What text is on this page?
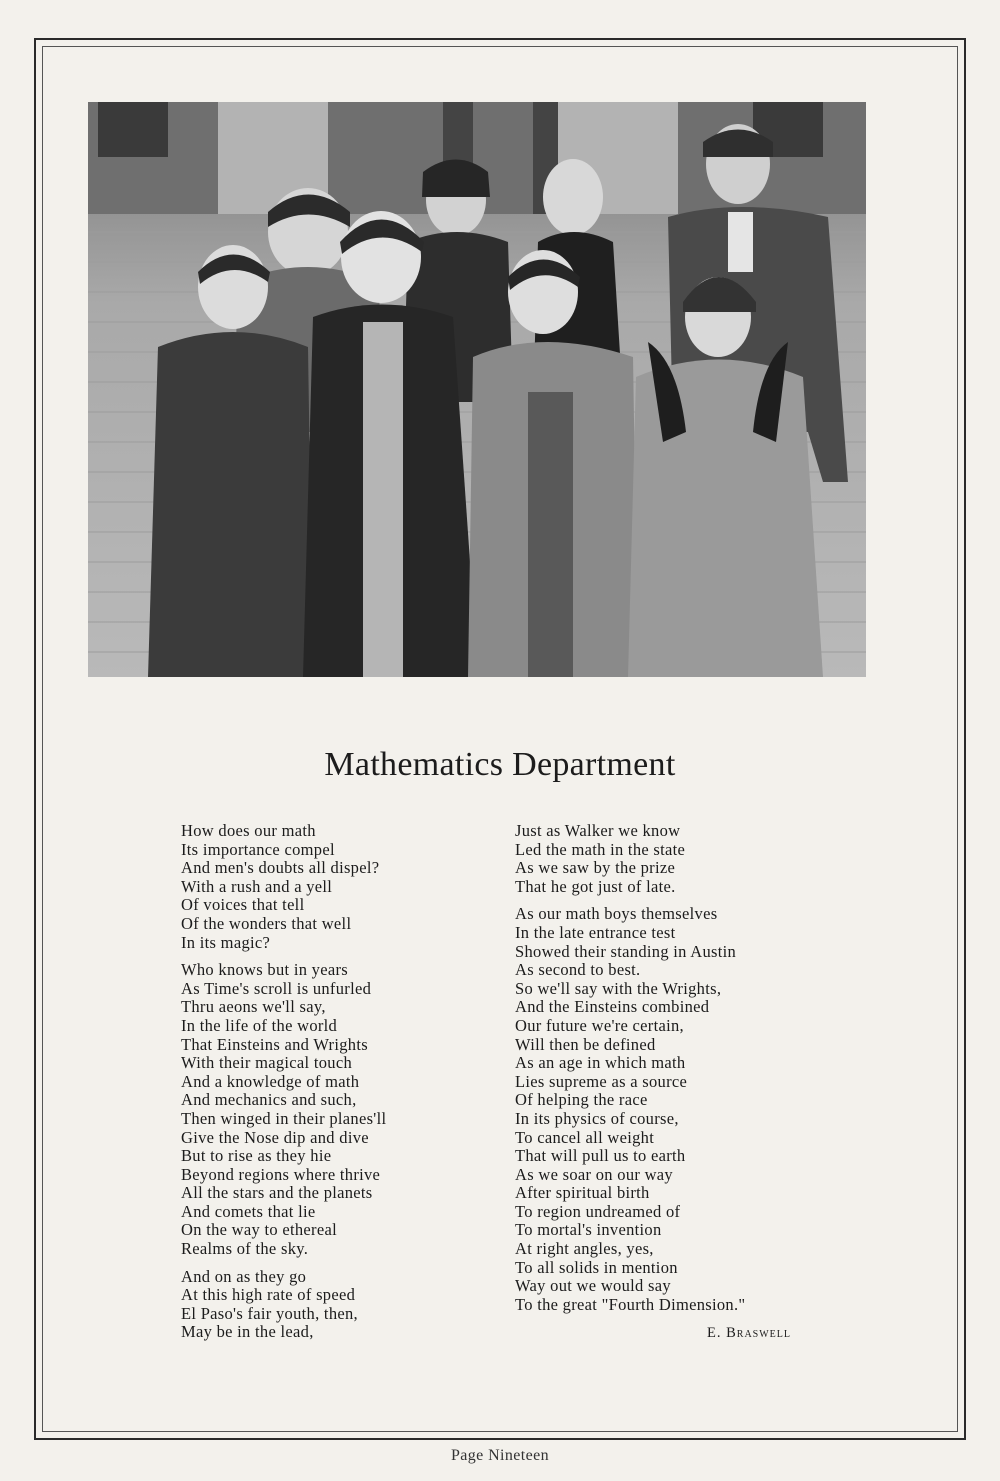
Mathematics Department
How does our math
Its importance compel
And men's doubts all dispel?
With a rush and a yell
Of voices that tell
Of the wonders that well
In its magic?
Who knows but in years
As Time's scroll is unfurled
Thru aeons we'll say,
In the life of the world
That Einsteins and Wrights
With their magical touch
And a knowledge of math
And mechanics and such,
Then winged in their planes'll
Give the Nose dip and dive
But to rise as they hie
Beyond regions where thrive
All the stars and the planets
And comets that lie
On the way to ethereal
Realms of the sky.
And on as they go
At this high rate of speed
El Paso's fair youth, then,
May be in the lead,
Just as Walker we know
Led the math in the state
As we saw by the prize
That he got just of late.
As our math boys themselves
In the late entrance test
Showed their standing in Austin
As second to best.
So we'll say with the Wrights,
And the Einsteins combined
Our future we're certain,
Will then be defined
As an age in which math
Lies supreme as a source
Of helping the race
In its physics of course,
To cancel all weight
That will pull us to earth
As we soar on our way
After spiritual birth
To region undreamed of
To mortal's invention
At right angles, yes,
To all solids in mention
Way out we would say
To the great "Fourth Dimension."
E. Braswell
Page Nineteen
